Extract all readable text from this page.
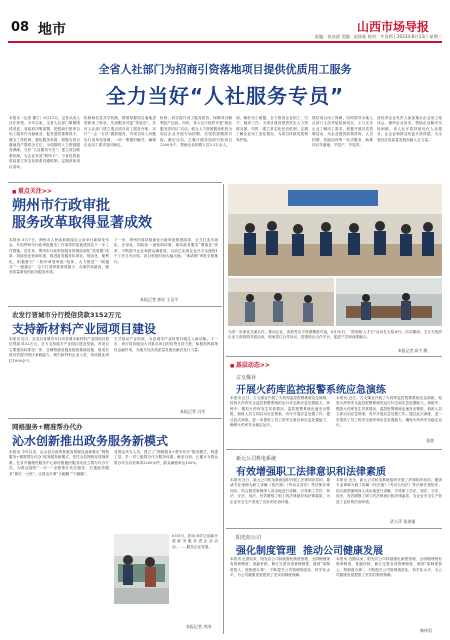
08 地市	山西市场导报
责编：张冰清 美编：赵浚菘 校对：牛君莉 | 2023年6月13日 星期二
全省人社部门为招商引资落地项目提供优质用工服务
全力当好“人社服务专员”
本报讯（记者 董宁）6月12日，记者从省人社厅获悉，今年以来，全省人社部门紧紧围绕省委、省政府决策部署，把招商引资项目用工服务作为稳就业、促发展的重要抓手，健全工作机制，强化服务举措，积极为项目落地投产提供全方位、全周期的人力资源服务保障，当好“人社服务专员”。建立项目联系机制，为企业发放“联络卡”，与省投资促进局建立常态化联系沟通机制，定期获取项目清单。
机制和信息共享机制，精准掌握项目落地进度和用工需求，实现服务对接“零延迟”。各市人社部门建立重点项目用工服务台账，实行“一企一专员”跟踪服务，对项目用工问题实行清单化管理，一项一策限时解决，确保企业用工需求及时满足。
机制，切实提升用工服务质效，保障项目顺利投产运营。同时，省人社厅组织开展“就业服务进项目”活动，联合人力资源服务机构为项目企业开展专场招聘，实现供需精准对接。截至目前，已累计服务招商引资项目1200余个，帮助企业招聘人员3.2万余人。
到，解好用工难题，全力推进企业招工、引才、稳岗工作，为项目建设提供坚实人力资源支撑。同时，建立常态化回访机制，定期了解企业用工变化情况，为项目持续发展保驾护航。
抓好项目用工保障，同时指导各地人社部门主动对接招商项目，上门走访企业了解用工需求，积极开展各类招聘活动，为企业提供政策咨询、人员招聘、技能培训等一站式服务，助推项目早落地、早投产、早见效。
请优秀企业负责人参加重点企业用工座谈会，倾听企业诉求，帮助企业解决实际困难，省人社厅将持续优化人社服务，让企业和群众有更多获得感，为全省经济高质量发展贡献人社力量。
■ 重点关注>>
朔州市行政审批
服务改革取得显著成效
本报讯 6月7日，朔州市人民政府新闻办公室举行新闻发布会，介绍朔州市行政审批服务工作取得的显著成效及下一步工作措施。近年来，朔州市行政审批服务管理局深化“放管服”改革，持续优化营商环境，推进政务服务标准化、规范化、便利化，积极推行“一枚印章管审批”改革，大力推进“一网通办”“一窗通办”，全力打造审批事项最少、办事效率最高、服务质量最优的政务服务环境。
下一步，朔州市将持续深化行政审批制度改革，全力打造市场化、法治化、国际化一流营商环境，推动政务服务“增值化”改革，不断提升企业和群众满意度。目前已实现企业开办全流程1个工作日内办结，项目审批时间大幅压缩，“承诺制”审批全面推行。
本报记者 郭宏 王汉平
农发行晋城市分行授信贷款3152万元
支持新材料产业园项目建设
本报讯 近日，农发行晋城市分行向晋城市新材料产业园项目授信贷款3152万元，全力支持地方产业园区建设发展。该项目主要建设标准化厂房、仓储物流设施及配套基础设施，建成后将有效提升园区承载能力，吸引新材料企业入驻，带动就业岗位1000余个。
方式推动产业招商，为晋城市产业转型升级注入新动能。下一步，该行将持续加大对重点项目的信贷支持力度，积极发挥政策性金融作用，为地方经济高质量发展贡献农发行力量。
本报记者 冯雪
网格服务+精准帮办代办
沁水创新推出政务服务新模式
本报讯 今年以来，沁水县行政审批服务管理局创新推出“网格服务+精准帮办代办”政务服务新模式，依托全县网格化管理体系，在各乡镇便民服务中心和村级便民服务站设立帮办代办专员，为群众提供“一对一”全程帮办代办服务，打通政务服务“最后一公里”，让群众办事“少跑腿”“不跑腿”。
务群众代办人员，建立了“网格服务+帮办代办”服务模式，构建了县、乡、村三级帮办代办服务体系。截至目前，已累计为群众帮办代办各类事项3200余件，群众满意率达100%。
6月5日，阳泉市矿区创新开展政务服务进企业活动，……服务企业发展。
本报记者 李涛
为进一步深化交流合作，推动企业、高校等各方资源精准对接，6月10日，“晋阳湖·人才行”活动在太原举行。活动期间，主办方组织企业与高校面对面洽谈，现场签订合作协议，搭建校企合作平台，促进产学研深度融合。
本报记者 高宇 摄
■ 基层动态>>
古交煤业
开展火药库监控报警系统应急演练
本报讯 近日，古交煤业开展了火药库监控报警系统应急演练，检验火药库安全监控报警系统的运行状态和应急处置能力。演练中，模拟火药库发生异常情况，监控报警系统迅速发出警报，值班人员立即启动应急预案，有序开展应急处置工作。通过此次演练，进一步提高了员工的安全意识和应急处置能力，确保火药库安全稳定运行。
本报讯 近日，古交煤业开展了火药库监控报警系统应急演练，检验火药库安全监控报警系统的运行状态和应急处置能力。演练中，模拟火药库发生异常情况，监控报警系统迅速发出警报，值班人员立即启动应急预案，有序开展应急处置工作。通过此次演练，进一步提高了员工的安全意识和应急处置能力，确保火药库安全稳定运行。
张波
新元公司机电系统
有效增强职工法律意识和法律素质
本报讯 近日，新元公司机电系统组织开展了法律知识培训，邀请专业律师为职工讲解《民法典》《劳动合同法》等法律法规知识，结合典型案例深入浅出地进行讲解，引导职工学法、知法、守法、用法，有效增强了职工的法律意识和法律素质，为企业安全生产营造了良好的法治环境。
本报讯 近日，新元公司机电系统组织开展了法律知识培训，邀请专业律师为职工讲解《民法典》《劳动合同法》等法律法规知识，结合典型案例深入浅出地进行讲解，引导职工学法、知法、守法、用法，有效增强了职工的法律意识和法律素质，为企业安全生产营造了良好的法治环境。
武小萍 张琼瑾
阳光坊公司
强化制度管理  推动公司健康发展
本报讯 近期以来，阳光坊公司持续强化制度管理，全面梳理现有规章制度，查漏补缺，修订完善各项管理制度，做到“用制度管人、按制度办事”，不断提升公司管理规范化、科学化水平，为公司健康发展提供了坚实的制度保障。
本报讯 近期以来，阳光坊公司持续强化制度管理，全面梳理现有规章制度，查漏补缺，修订完善各项管理制度，做到“用制度管人、按制度办事”，不断提升公司管理规范化、科学化水平，为公司健康发展提供了坚实的制度保障。
韩伟君
